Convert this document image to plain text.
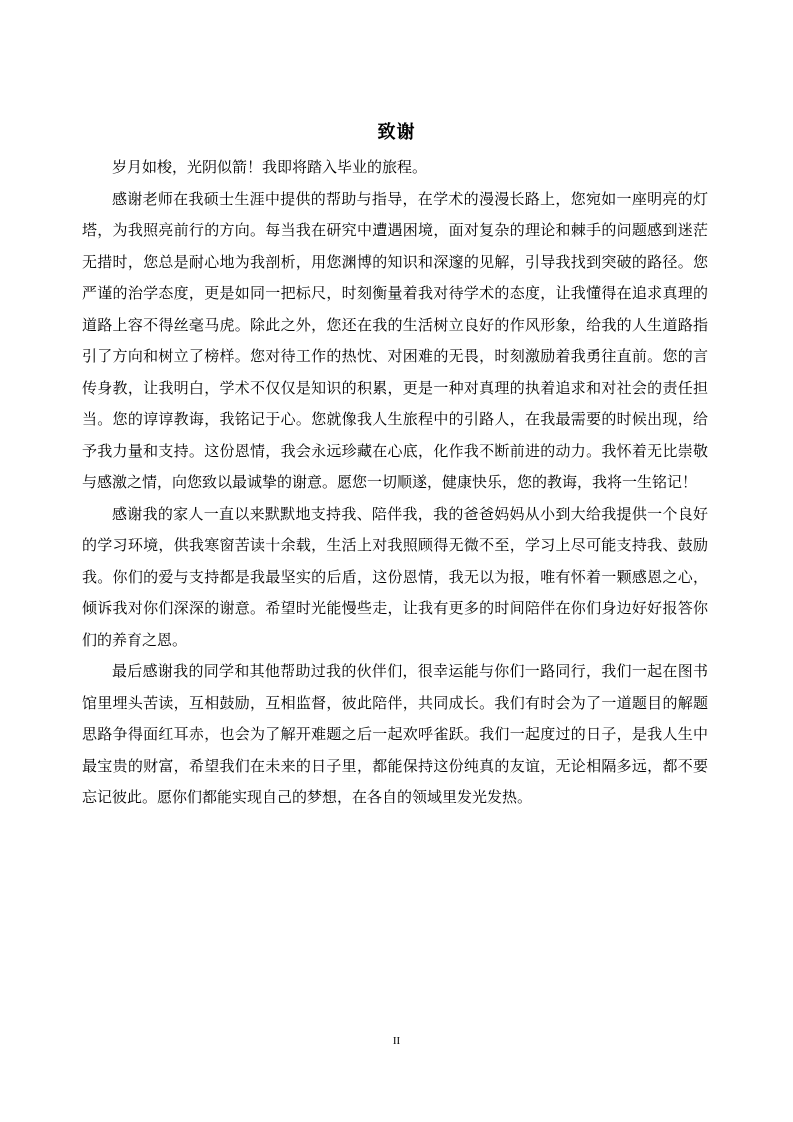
致谢

岁月如梭，光阴似箭！我即将踏入毕业的旅程。

感谢老师在我硕士生涯中提供的帮助与指导，在学术的漫漫长路上，您宛如一座明亮的灯塔，为我照亮前行的方向。每当我在研究中遭遇困境，面对复杂的理论和棘手的问题感到迷茫无措时，您总是耐心地为我剖析，用您渊博的知识和深邃的见解，引导我找到突破的路径。您严谨的治学态度，更是如同一把标尺，时刻衡量着我对待学术的态度，让我懂得在追求真理的道路上容不得丝毫马虎。除此之外，您还在我的生活树立良好的作风形象，给我的人生道路指引了方向和树立了榜样。您对待工作的热忱、对困难的无畏，时刻激励着我勇往直前。您的言传身教，让我明白，学术不仅仅是知识的积累，更是一种对真理的执着追求和对社会的责任担当。您的谆谆教诲，我铭记于心。您就像我人生旅程中的引路人，在我最需要的时候出现，给予我力量和支持。这份恩情，我会永远珍藏在心底，化作我不断前进的动力。我怀着无比崇敬与感激之情，向您致以最诚挚的谢意。愿您一切顺遂，健康快乐，您的教诲，我将一生铭记！

感谢我的家人一直以来默默地支持我、陪伴我，我的爸爸妈妈从小到大给我提供一个良好的学习环境，供我寒窗苦读十余载，生活上对我照顾得无微不至，学习上尽可能支持我、鼓励我。你们的爱与支持都是我最坚实的后盾，这份恩情，我无以为报，唯有怀着一颗感恩之心，倾诉我对你们深深的谢意。希望时光能慢些走，让我有更多的时间陪伴在你们身边好好报答你们的养育之恩。

最后感谢我的同学和其他帮助过我的伙伴们，很幸运能与你们一路同行，我们一起在图书馆里埋头苦读，互相鼓励，互相监督，彼此陪伴，共同成长。我们有时会为了一道题目的解题思路争得面红耳赤，也会为了解开难题之后一起欢呼雀跃。我们一起度过的日子，是我人生中最宝贵的财富，希望我们在未来的日子里，都能保持这份纯真的友谊，无论相隔多远，都不要忘记彼此。愿你们都能实现自己的梦想，在各自的领域里发光发热。

II
